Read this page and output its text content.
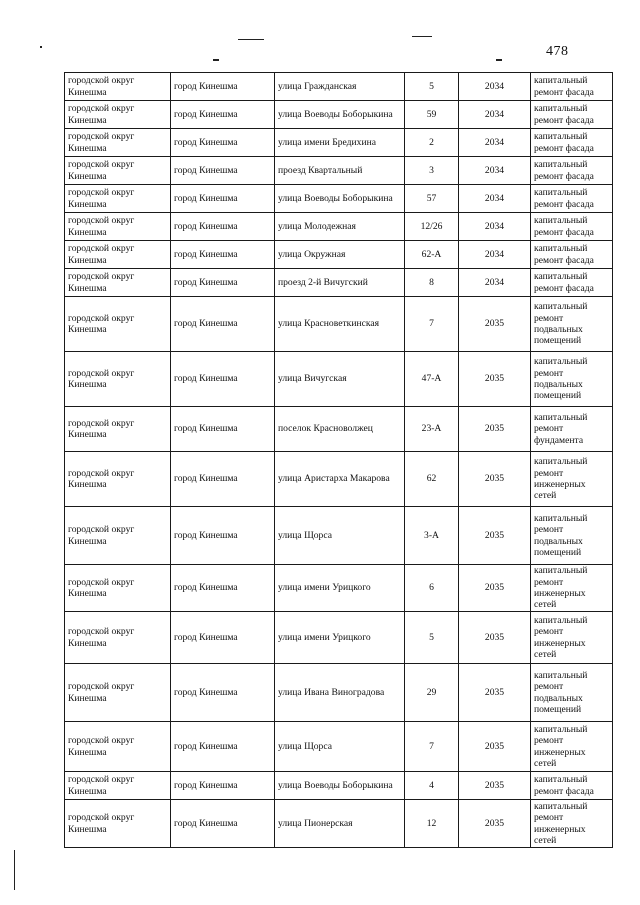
478
городской округ Кинешма	город Кинешма	улица Гражданская	5	2034	капитальный ремонт фасада
городской округ Кинешма	город Кинешма	улица Воеводы Боборыкина	59	2034	капитальный ремонт фасада
городской округ Кинешма	город Кинешма	улица имени Бредихина	2	2034	капитальный ремонт фасада
городской округ Кинешма	город Кинешма	проезд Квартальный	3	2034	капитальный ремонт фасада
городской округ Кинешма	город Кинешма	улица Воеводы Боборыкина	57	2034	капитальный ремонт фасада
городской округ Кинешма	город Кинешма	улица Молодежная	12/26	2034	капитальный ремонт фасада
городской округ Кинешма	город Кинешма	улица Окружная	62-А	2034	капитальный ремонт фасада
городской округ Кинешма	город Кинешма	проезд 2-й Вичугский	8	2034	капитальный ремонт фасада
городской округ Кинешма	город Кинешма	улица Красноветкинская	7	2035	капитальный ремонт подвальных помещений
городской округ Кинешма	город Кинешма	улица Вичугская	47-А	2035	капитальный ремонт подвальных помещений
городской округ Кинешма	город Кинешма	поселок Красноволжец	23-А	2035	капитальный ремонт фундамента
городской округ Кинешма	город Кинешма	улица Аристарха Макарова	62	2035	капитальный ремонт инженерных сетей
городской округ Кинешма	город Кинешма	улица Щорса	3-А	2035	капитальный ремонт подвальных помещений
городской округ Кинешма	город Кинешма	улица имени Урицкого	6	2035	капитальный ремонт инженерных сетей
городской округ Кинешма	город Кинешма	улица имени Урицкого	5	2035	капитальный ремонт инженерных сетей
городской округ Кинешма	город Кинешма	улица Ивана Виноградова	29	2035	капитальный ремонт подвальных помещений
городской округ Кинешма	город Кинешма	улица Щорса	7	2035	капитальный ремонт инженерных сетей
городской округ Кинешма	город Кинешма	улица Воеводы Боборыкина	4	2035	капитальный ремонт фасада
городской округ Кинешма	город Кинешма	улица Пионерская	12	2035	капитальный ремонт инженерных сетей
